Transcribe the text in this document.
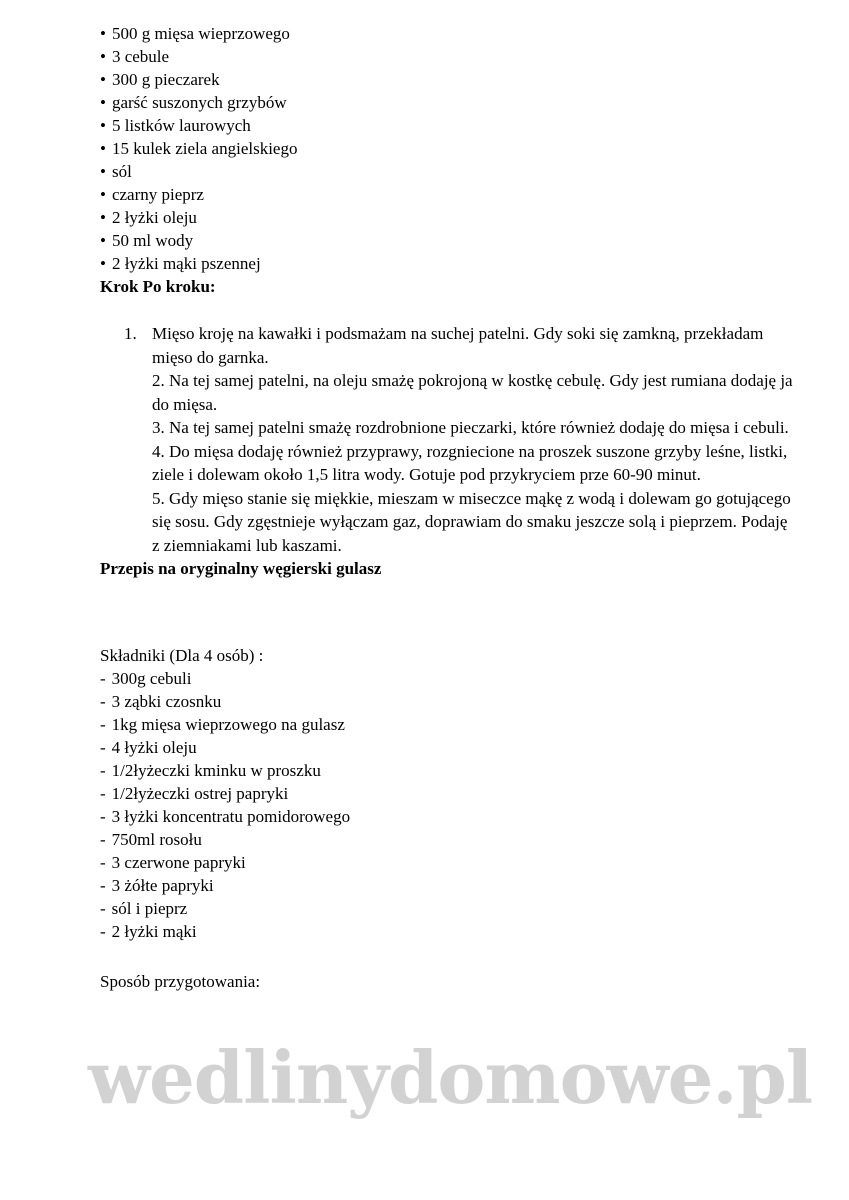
• 500 g mięsa wieprzowego
• 3 cebule
• 300 g pieczarek
• garść suszonych grzybów
• 5 listków laurowych
• 15 kulek ziela angielskiego
• sól
• czarny pieprz
• 2 łyżki oleju
• 50 ml wody
• 2 łyżki mąki pszennej
Krok Po kroku:

1. Mięso kroję na kawałki i podsmażam na suchej patelni. Gdy soki się zamkną, przekładam mięso do garnka.

2. Na tej samej patelni, na oleju smażę pokrojoną w kostkę cebulę. Gdy jest rumiana dodaję ja do mięsa.

3. Na tej samej patelni smażę rozdrobnione pieczarki, które również dodaję do mięsa i cebuli.

4. Do mięsa dodaję również przyprawy, rozgniecione na proszek suszone grzyby leśne, listki, ziele i dolewam około 1,5 litra wody. Gotuje pod przykryciem prze 60-90 minut.

5. Gdy mięso stanie się miękkie, mieszam w miseczce mąkę z wodą i dolewam go gotującego się sosu. Gdy zgęstnieje wyłączam gaz, doprawiam do smaku jeszcze solą i pieprzem. Podaję z ziemniakami lub kaszami.

Przepis na oryginalny węgierski gulasz
Składniki (Dla 4 osób) :
- 300g cebuli
- 3 ząbki czosnku
- 1kg mięsa wieprzowego na gulasz
- 4 łyżki oleju
- 1/2łyżeczki kminku w proszku
- 1/2łyżeczki ostrej papryki
- 3 łyżki koncentratu pomidorowego
- 750ml rosołu
- 3 czerwone papryki
- 3 żółte papryki
- sól i pieprz
- 2 łyżki mąki
Sposób przygotowania:
wedlinydomowe.pl
